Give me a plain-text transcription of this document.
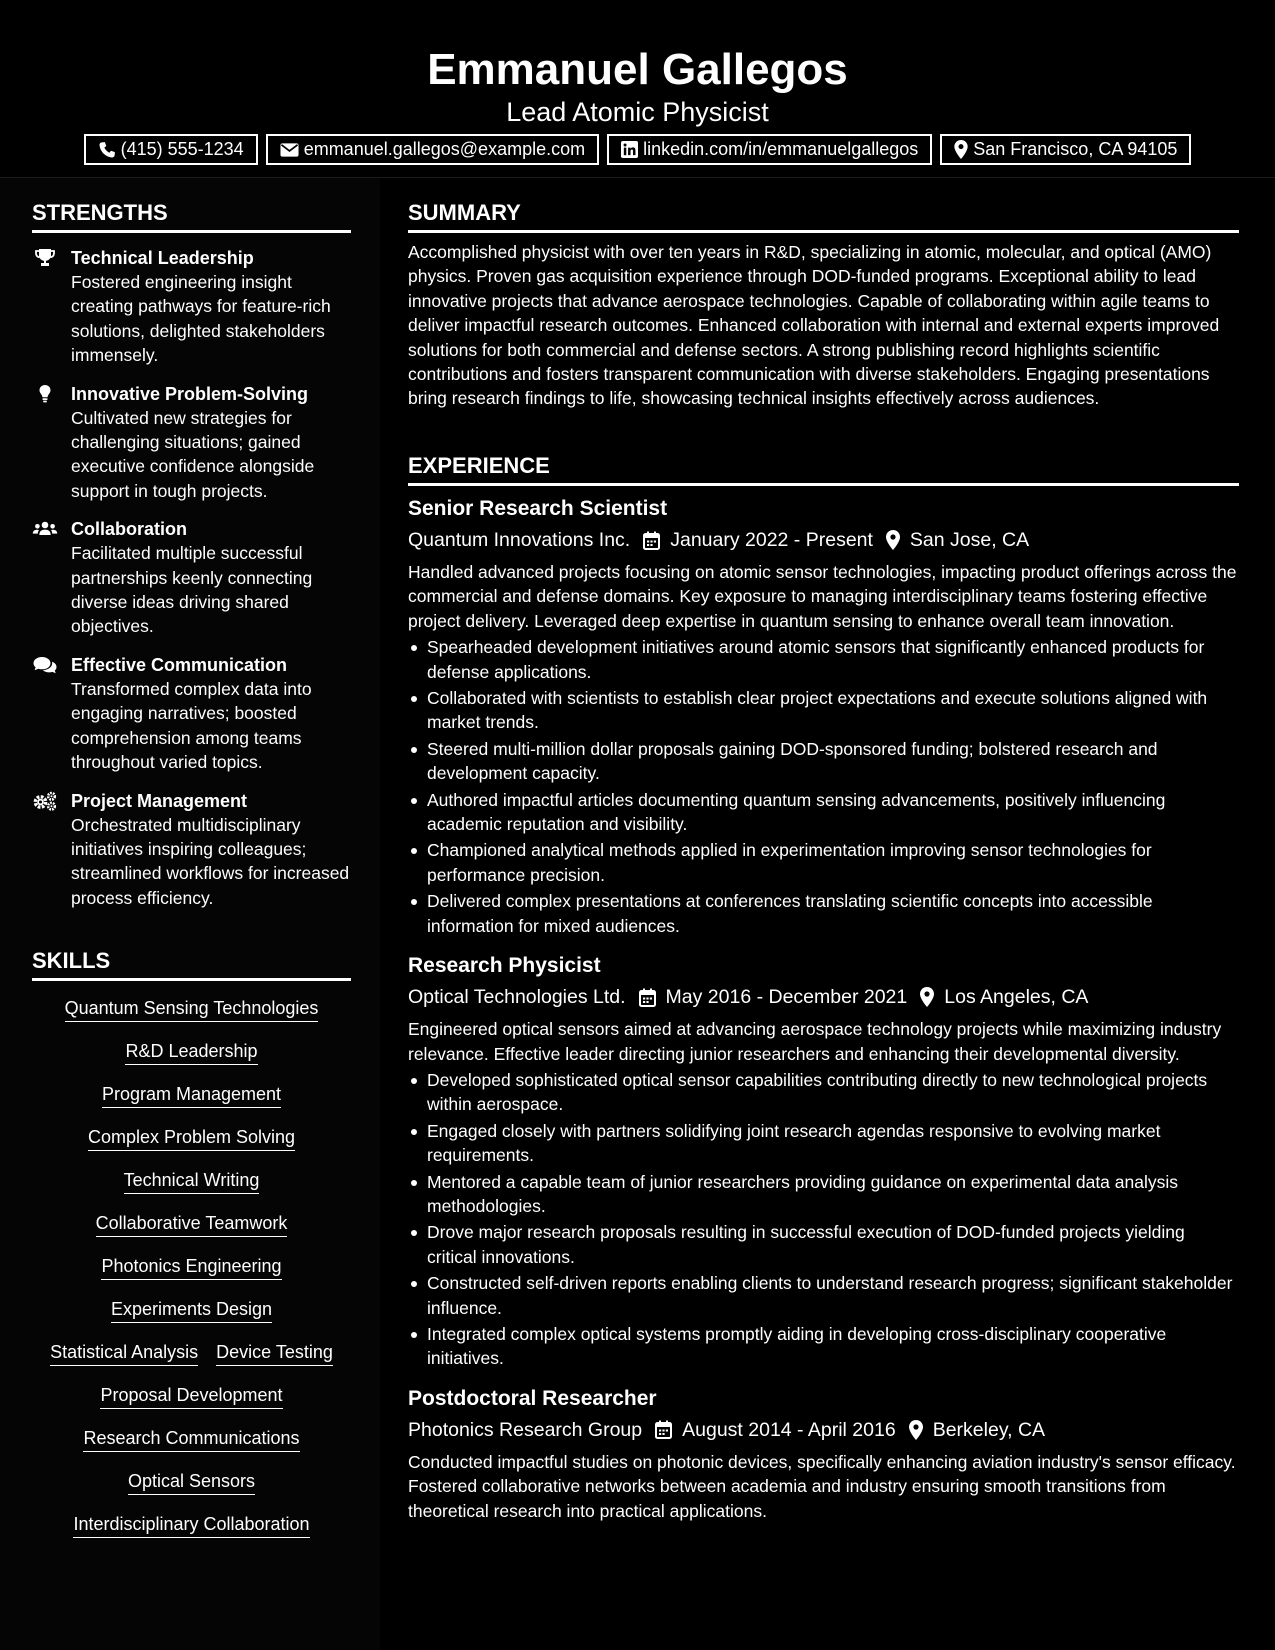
Emmanuel Gallegos
Lead Atomic Physicist
(415) 555-1234	emmanuel.gallegos@example.com	linkedin.com/in/emmanuelgallegos	San Francisco, CA 94105
STRENGTHS
Technical Leadership
Fostered engineering insight creating pathways for feature-rich solutions, delighted stakeholders immensely.
Innovative Problem-Solving
Cultivated new strategies for challenging situations; gained executive confidence alongside support in tough projects.
Collaboration
Facilitated multiple successful partnerships keenly connecting diverse ideas driving shared objectives.
Effective Communication
Transformed complex data into engaging narratives; boosted comprehension among teams throughout varied topics.
Project Management
Orchestrated multidisciplinary initiatives inspiring colleagues; streamlined workflows for increased process efficiency.
SKILLS
Quantum Sensing Technologies
R&D Leadership
Program Management
Complex Problem Solving
Technical Writing
Collaborative Teamwork
Photonics Engineering
Experiments Design
Statistical Analysis Device Testing
Proposal Development
Research Communications
Optical Sensors
Interdisciplinary Collaboration
SUMMARY
Accomplished physicist with over ten years in R&D, specializing in atomic, molecular, and optical (AMO) physics. Proven gas acquisition experience through DOD-funded programs. Exceptional ability to lead innovative projects that advance aerospace technologies. Capable of collaborating within agile teams to deliver impactful research outcomes. Enhanced collaboration with internal and external experts improved solutions for both commercial and defense sectors. A strong publishing record highlights scientific contributions and fosters transparent communication with diverse stakeholders. Engaging presentations bring research findings to life, showcasing technical insights effectively across audiences.
EXPERIENCE
Senior Research Scientist
Quantum Innovations Inc. January 2022 - Present San Jose, CA
Handled advanced projects focusing on atomic sensor technologies, impacting product offerings across the commercial and defense domains. Key exposure to managing interdisciplinary teams fostering effective project delivery. Leveraged deep expertise in quantum sensing to enhance overall team innovation.
Spearheaded development initiatives around atomic sensors that significantly enhanced products for defense applications.
Collaborated with scientists to establish clear project expectations and execute solutions aligned with market trends.
Steered multi-million dollar proposals gaining DOD-sponsored funding; bolstered research and development capacity.
Authored impactful articles documenting quantum sensing advancements, positively influencing academic reputation and visibility.
Championed analytical methods applied in experimentation improving sensor technologies for performance precision.
Delivered complex presentations at conferences translating scientific concepts into accessible information for mixed audiences.
Research Physicist
Optical Technologies Ltd. May 2016 - December 2021 Los Angeles, CA
Engineered optical sensors aimed at advancing aerospace technology projects while maximizing industry relevance. Effective leader directing junior researchers and enhancing their developmental diversity.
Developed sophisticated optical sensor capabilities contributing directly to new technological projects within aerospace.
Engaged closely with partners solidifying joint research agendas responsive to evolving market requirements.
Mentored a capable team of junior researchers providing guidance on experimental data analysis methodologies.
Drove major research proposals resulting in successful execution of DOD-funded projects yielding critical innovations.
Constructed self-driven reports enabling clients to understand research progress; significant stakeholder influence.
Integrated complex optical systems promptly aiding in developing cross-disciplinary cooperative initiatives.
Postdoctoral Researcher
Photonics Research Group August 2014 - April 2016 Berkeley, CA
Conducted impactful studies on photonic devices, specifically enhancing aviation industry's sensor efficacy. Fostered collaborative networks between academia and industry ensuring smooth transitions from theoretical research into practical applications.
